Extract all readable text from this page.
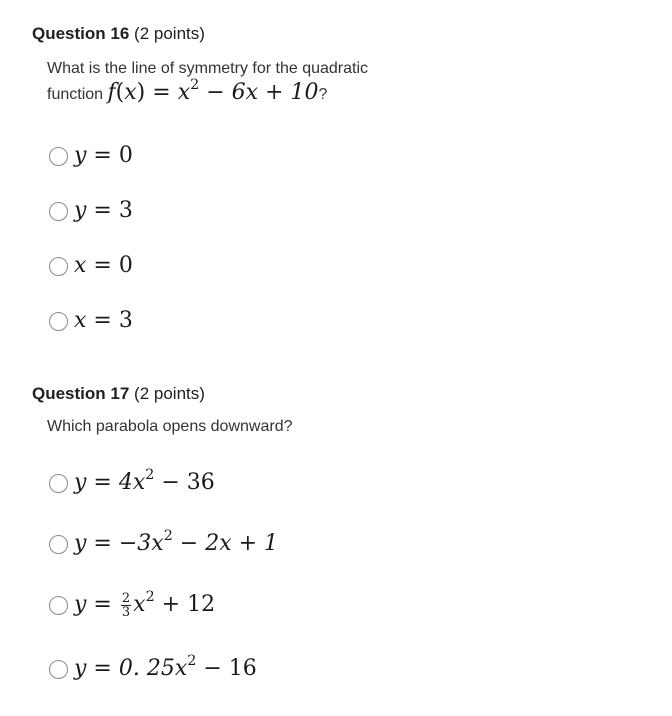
Question 16 (2 points)
What is the line of symmetry for the quadratic
function $f(x) = x^2 - 6x + 10$?
y = 0
y = 3
x = 0
x = 3
Question 17 (2 points)
Which parabola opens downward?
$y = 4x^2 - 36$
$y = -3x^2 - 2x + 1$
$y = \frac{2}{3} x^2 + 12$
y = 0. $25x^2 - 16$
